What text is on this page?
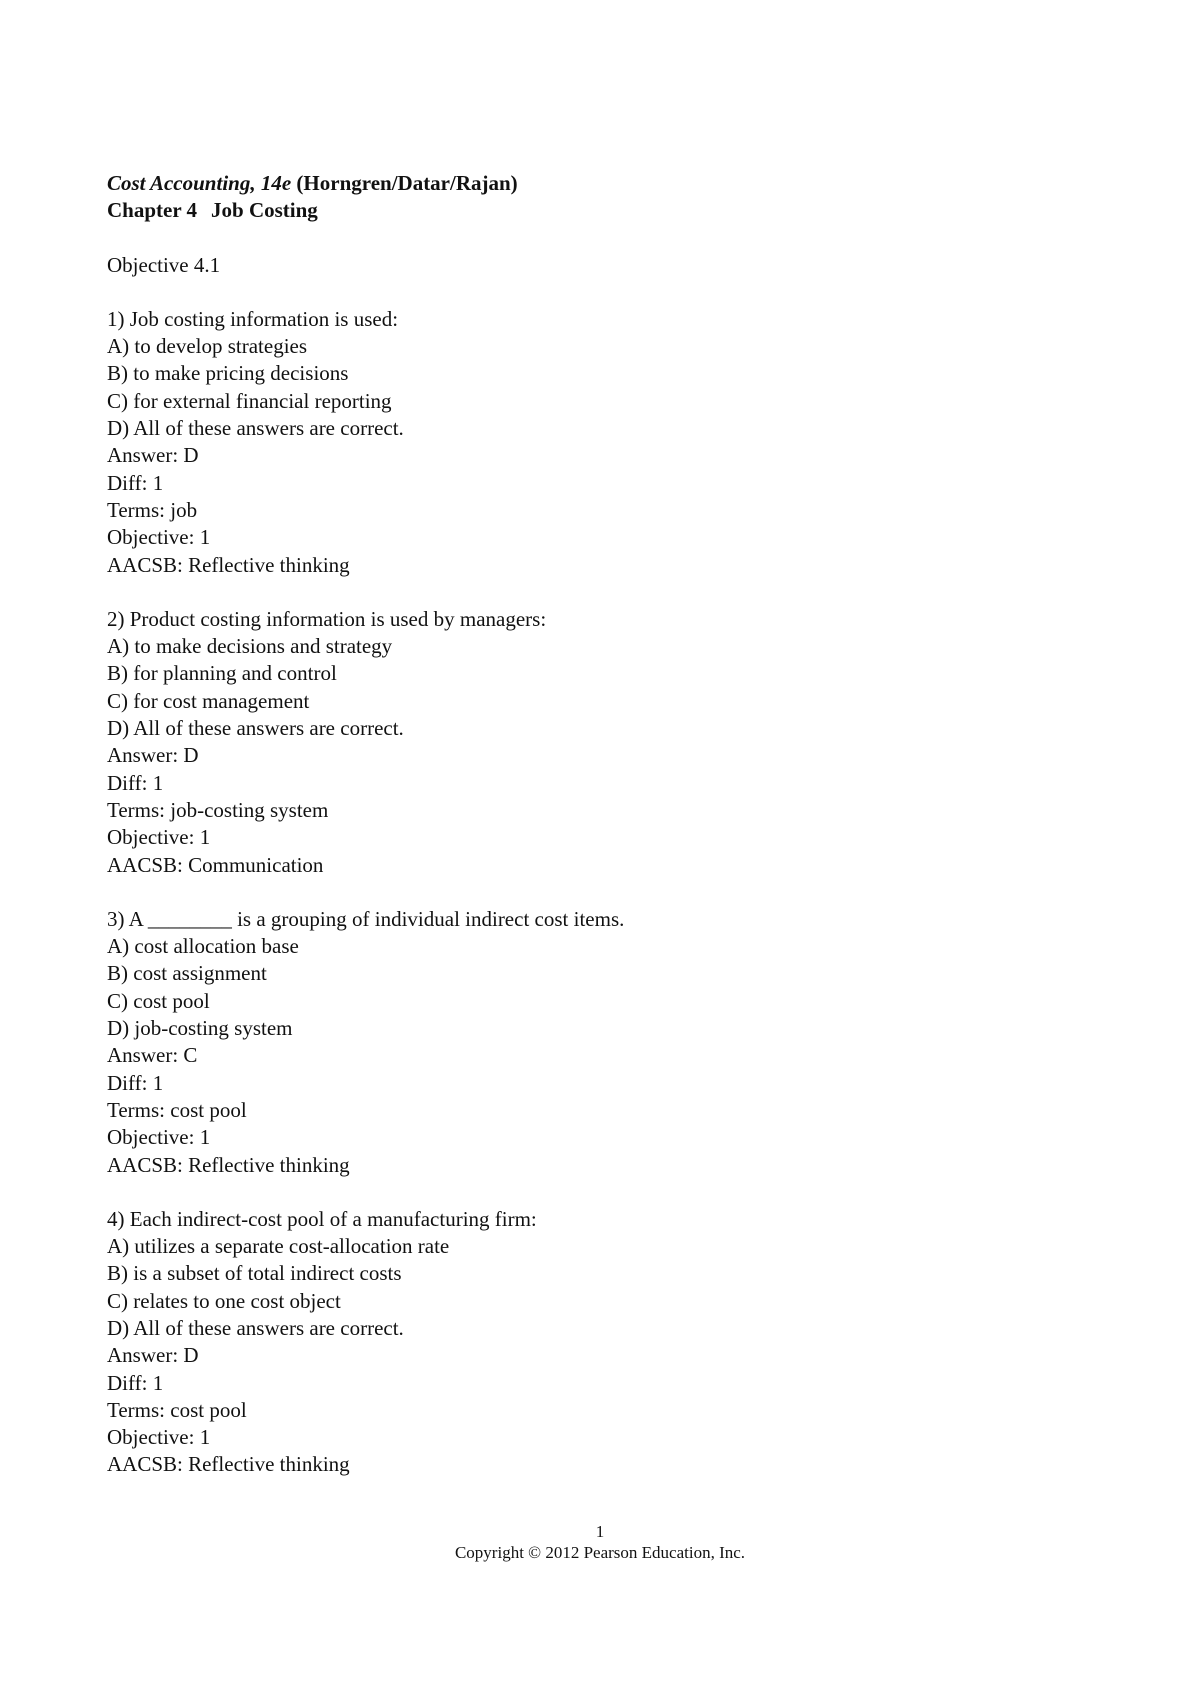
Cost Accounting, 14e (Horngren/Datar/Rajan)
Chapter 4 Job Costing
Objective 4.1
1) Job costing information is used:
A) to develop strategies
B) to make pricing decisions
C) for external financial reporting
D) All of these answers are correct.
Answer: D
Diff: 1
Terms: job
Objective: 1
AACSB: Reflective thinking
2) Product costing information is used by managers:
A) to make decisions and strategy
B) for planning and control
C) for cost management
D) All of these answers are correct.
Answer: D
Diff: 1
Terms: job-costing system
Objective: 1
AACSB: Communication
3) A ________ is a grouping of individual indirect cost items.
A) cost allocation base
B) cost assignment
C) cost pool
D) job-costing system
Answer: C
Diff: 1
Terms: cost pool
Objective: 1
AACSB: Reflective thinking
4) Each indirect-cost pool of a manufacturing firm:
A) utilizes a separate cost-allocation rate
B) is a subset of total indirect costs
C) relates to one cost object
D) All of these answers are correct.
Answer: D
Diff: 1
Terms: cost pool
Objective: 1
AACSB: Reflective thinking
1
Copyright © 2012 Pearson Education, Inc.
